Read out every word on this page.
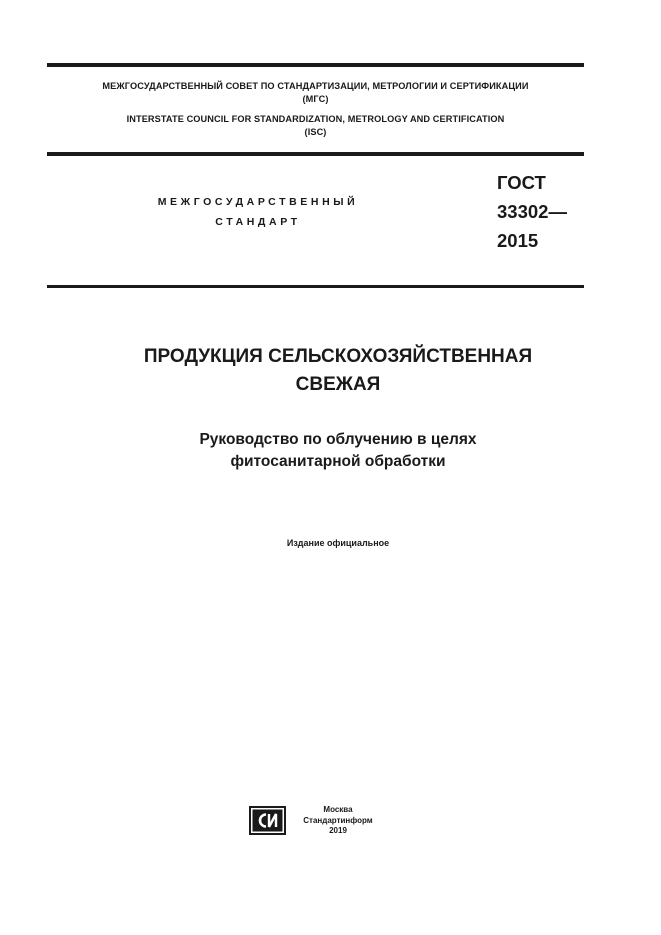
МЕЖГОСУДАРСТВЕННЫЙ СОВЕТ ПО СТАНДАРТИЗАЦИИ, МЕТРОЛОГИИ И СЕРТИФИКАЦИИ
(МГС)
INTERSTATE COUNCIL FOR STANDARDIZATION, METROLOGY AND CERTIFICATION
(ISC)
МЕЖГОСУДАРСТВЕННЫЙ
СТАНДАРТ
ГОСТ
33302—
2015
ПРОДУКЦИЯ СЕЛЬСКОХОЗЯЙСТВЕННАЯ
СВЕЖАЯ
Руководство по облучению в целях
фитосанитарной обработки
Издание официальное
Москва
Стандартинформ
2019
